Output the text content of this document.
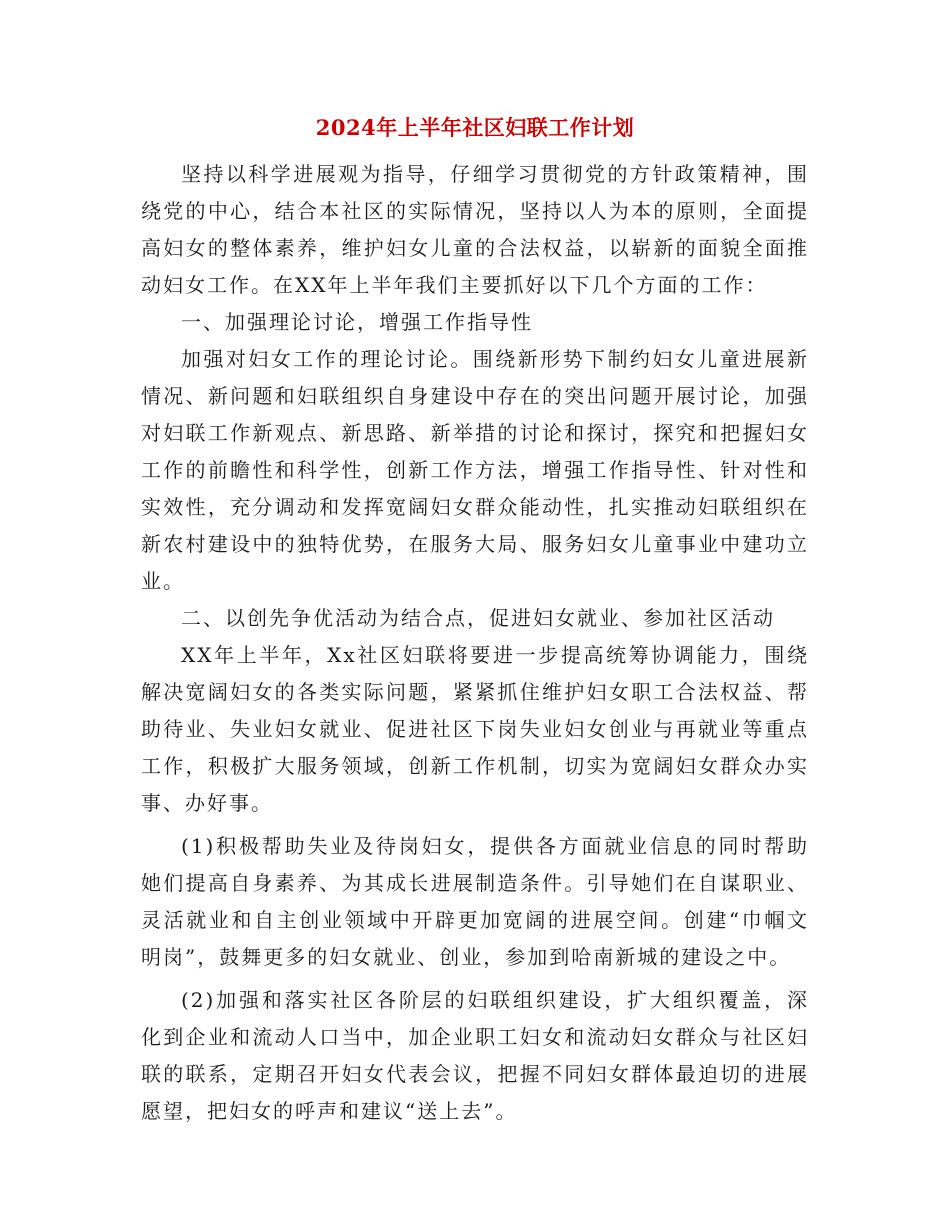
2024年上半年社区妇联工作计划

坚持以科学进展观为指导，仔细学习贯彻党的方针政策精神，围绕党的中心，结合本社区的实际情况，坚持以人为本的原则，全面提高妇女的整体素养，维护妇女儿童的合法权益，以崭新的面貌全面推动妇女工作。在XX年上半年我们主要抓好以下几个方面的工作：

一、加强理论讨论，增强工作指导性

加强对妇女工作的理论讨论。围绕新形势下制约妇女儿童进展新情况、新问题和妇联组织自身建设中存在的突出问题开展讨论，加强对妇联工作新观点、新思路、新举措的讨论和探讨，探究和把握妇女工作的前瞻性和科学性，创新工作方法，增强工作指导性、针对性和实效性，充分调动和发挥宽阔妇女群众能动性，扎实推动妇联组织在新农村建设中的独特优势，在服务大局、服务妇女儿童事业中建功立业。

二、以创先争优活动为结合点，促进妇女就业、参加社区活动

XX年上半年，Xx社区妇联将要进一步提高统筹协调能力，围绕解决宽阔妇女的各类实际问题，紧紧抓住维护妇女职工合法权益、帮助待业、失业妇女就业、促进社区下岗失业妇女创业与再就业等重点工作，积极扩大服务领域，创新工作机制，切实为宽阔妇女群众办实事、办好事。

(1)积极帮助失业及待岗妇女，提供各方面就业信息的同时帮助她们提高自身素养、为其成长进展制造条件。引导她们在自谋职业、灵活就业和自主创业领域中开辟更加宽阔的进展空间。创建“巾帼文明岗”，鼓舞更多的妇女就业、创业，参加到哈南新城的建设之中。

(2)加强和落实社区各阶层的妇联组织建设，扩大组织覆盖，深化到企业和流动人口当中，加企业职工妇女和流动妇女群众与社区妇联的联系，定期召开妇女代表会议，把握不同妇女群体最迫切的进展愿望，把妇女的呼声和建议“送上去”。
